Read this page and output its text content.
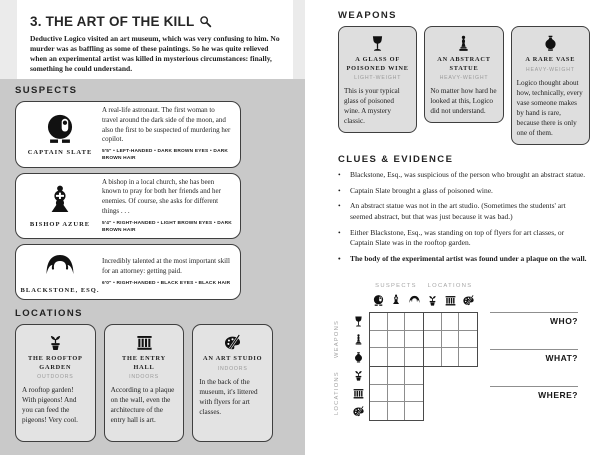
3. THE ART OF THE KILL

Deductive Logico visited an art museum, which was very confusing to him. No murder was as baffling as some of these paintings. So he was quite relieved when an experimental artist was killed in mysterious circumstances: finally, something he could understand.

SUSPECTS
CAPTAIN SLATE
A real-life astronaut. The first woman to travel around the dark side of the moon, and also the first to be suspected of murdering her copilot.
5'5" • LEFT-HANDED • DARK BROWN EYES • DARK BROWN HAIR
♝
BISHOP AZURE
A bishop in a local church, she has been known to pray for both her friends and her enemies. Of course, she asks for different things . . .
5'4" • RIGHT-HANDED • LIGHT BROWN EYES • DARK BROWN HAIR
BLACKSTONE, ESQ.
Incredibly talented at the most important skill for an attorney: getting paid.
6'0" • RIGHT-HANDED • BLACK EYES • BLACK HAIR
LOCATIONS
THE ROOFTOP GARDEN
OUTDOORS
A rooftop garden! With pigeons! And you can feed the pigeons! Very cool.
THE ENTRY HALL
INDOORS
According to a plaque on the wall, even the architecture of the entry hall is art.
AN ART STUDIO
INDOORS
In the back of the museum, it's littered with flyers for art classes.
WEAPONS
A GLASS OF POISONED WINE
LIGHT-WEIGHT
This is your typical glass of poisoned wine. A mystery classic.
AN ABSTRACT STATUE
HEAVY-WEIGHT
No matter how hard he looked at this, Logico did not understand.
A RARE VASE
HEAVY-WEIGHT
Logico thought about how, technically, every vase someone makes by hand is rare, because there is only one of them.
CLUES & EVIDENCE
•	Blackstone, Esq., was suspicious of the person who brought an abstract statue.
•	Captain Slate brought a glass of poisoned wine.
•	An abstract statue was not in the art studio. (Sometimes the students' art seemed abstract, but that was just because it was bad.)
•	Either Blackstone, Esq., was standing on top of flyers for art classes, or Captain Slate was in the rooftop garden.
•	The body of the experimental artist was found under a plaque on the wall.
SUSPECTS	LOCATIONS
♝
WEAPONS
LOCATIONS
WHO?
WHAT?
WHERE?
